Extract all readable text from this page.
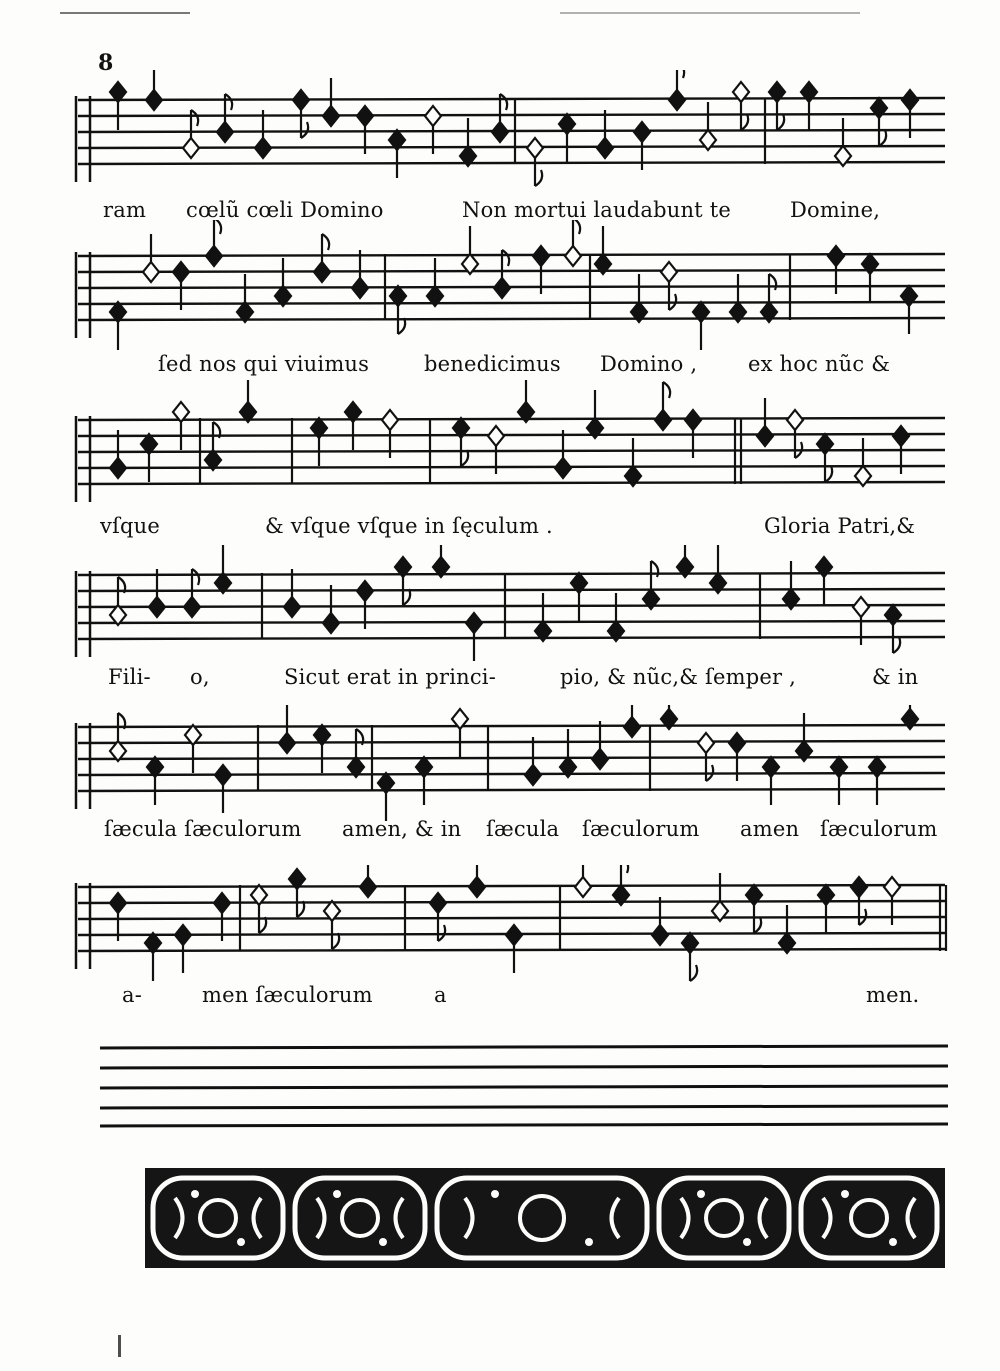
8
ram cœlũ cœli Domino	Non mortui laudabunt te	Domine,
ſed nos qui viuimus	benedicimus Domino , ex hoc nũc &
vſque	& vſque vſque in ſęculum .	Gloria Patri,&
Fili- o,	Sicut erat in princi-	pio, & nũc,& ſemper ,	& in
ſæcula ſæculorum amen, & in ſæcula ſæculorum amen ſæculorum
a-	men ſæculorum	a	men.
